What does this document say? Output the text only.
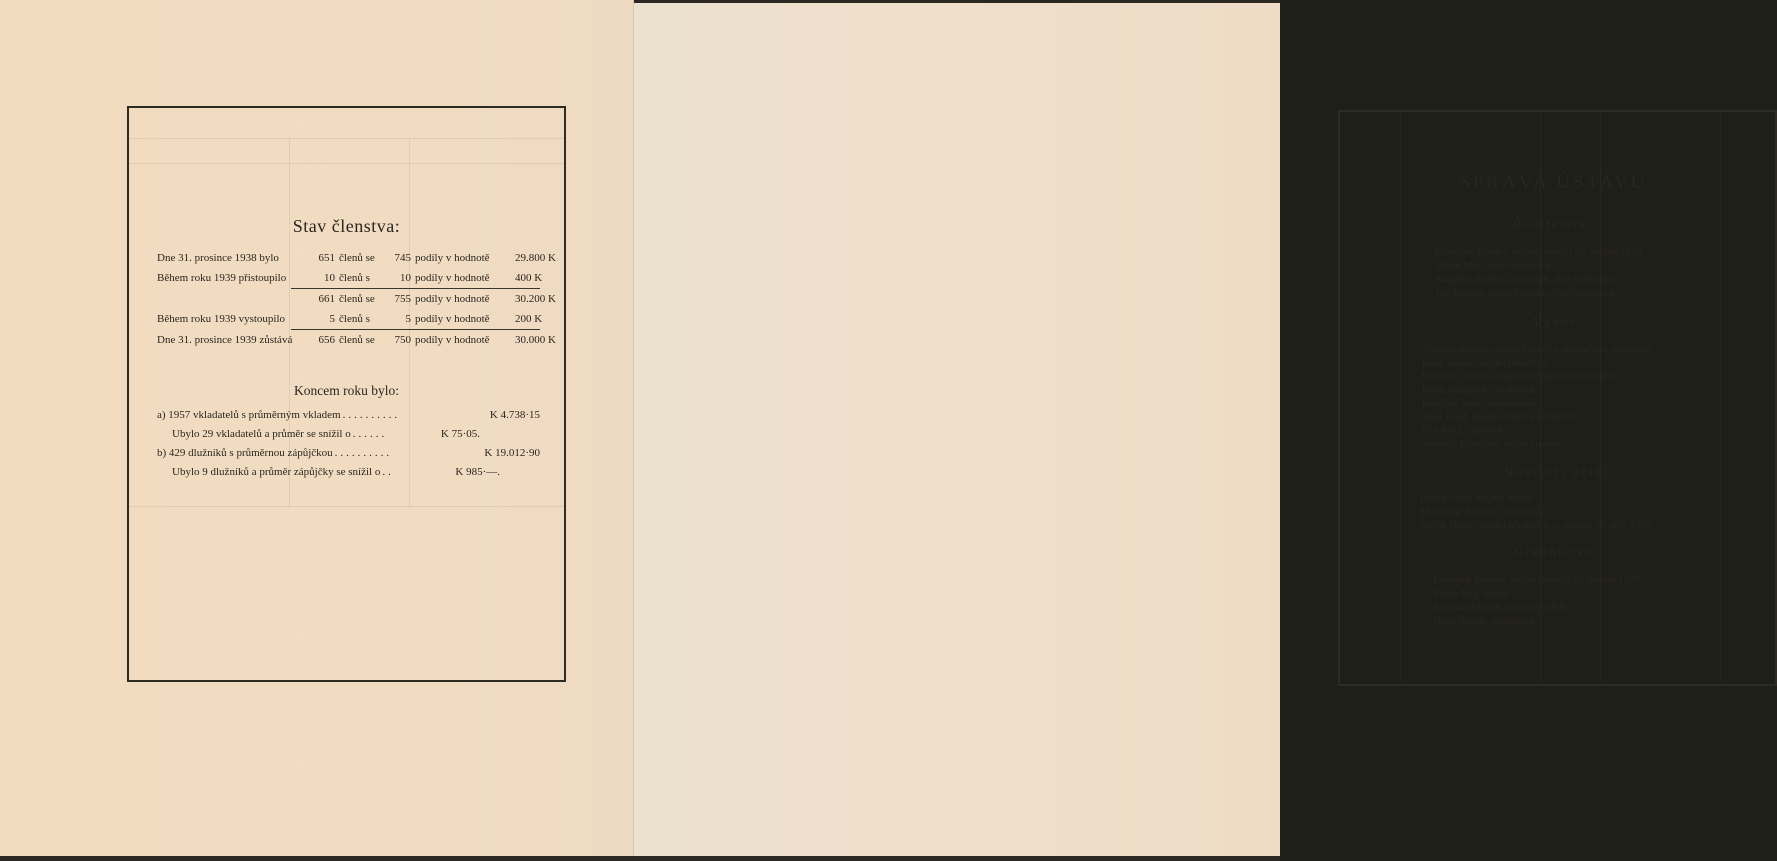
Stav členstva:
Dne 31. prosince 1938 bylo	651 členů se	745 podíly v hodnotě	29.800 K
Během roku 1939 přistoupilo	10 členů s	10 podíly v hodnotě	400 K
661 členů se	755 podíly v hodnotě	30.200 K
Během roku 1939 vystoupilo	5 členů s	5 podíly v hodnotě	200 K
Dne 31. prosince 1939 zůstává	656 členů se	750 podíly v hodnotě	30.000 K
Koncem roku bylo:
a) 1957 vkladatelů s průměrným vkladem ..........	K 4.738·15
Ubylo 29 vkladatelů a průměr se snížil o ......	K 75·05.
b) 429 dlužníků s průměrnou zápůjčkou ..........	K 19.012·90
Ubylo 9 dlužníků a průměr zápůjčky se snížil o ..	K 985·—.
SPRÁVA ÚSTAVU:
Ředitelstvo:
František Forster, ředitel, zemřel 26. května 1939
Vilém Máj, člen ředitelstva
Augustin Kohout, továrník, člen ředitelstva
Jan Tramba, majitel domů, člen ředitelstva
Výbor:
Vilímec Antonín, majitel realit a sklenářství, předseda
Bouc Jakub, majitel pekařství
Havlovic Václav, majitel strojního zámečnictví
Kohn František, obchodník
Kubíček Josef, soukromník
Šlais Josef, majitel realit a pekařství
Übl Josef, čalouník
Vavroch František, majitel domu
Revisoři účtů:
Holub Josef, majitel mlýna
Matějovič Marcel, obchodník
Šefčík Hugo, soudní úředník v. v., zemřel 29. září 1939
Úřednictvo:
František Forster, ředitel, zemřel 26. května 1939
Vilém Máj, účetní
Antonín Axamit, účetní úředník
Hugo Šimek, praktikant
